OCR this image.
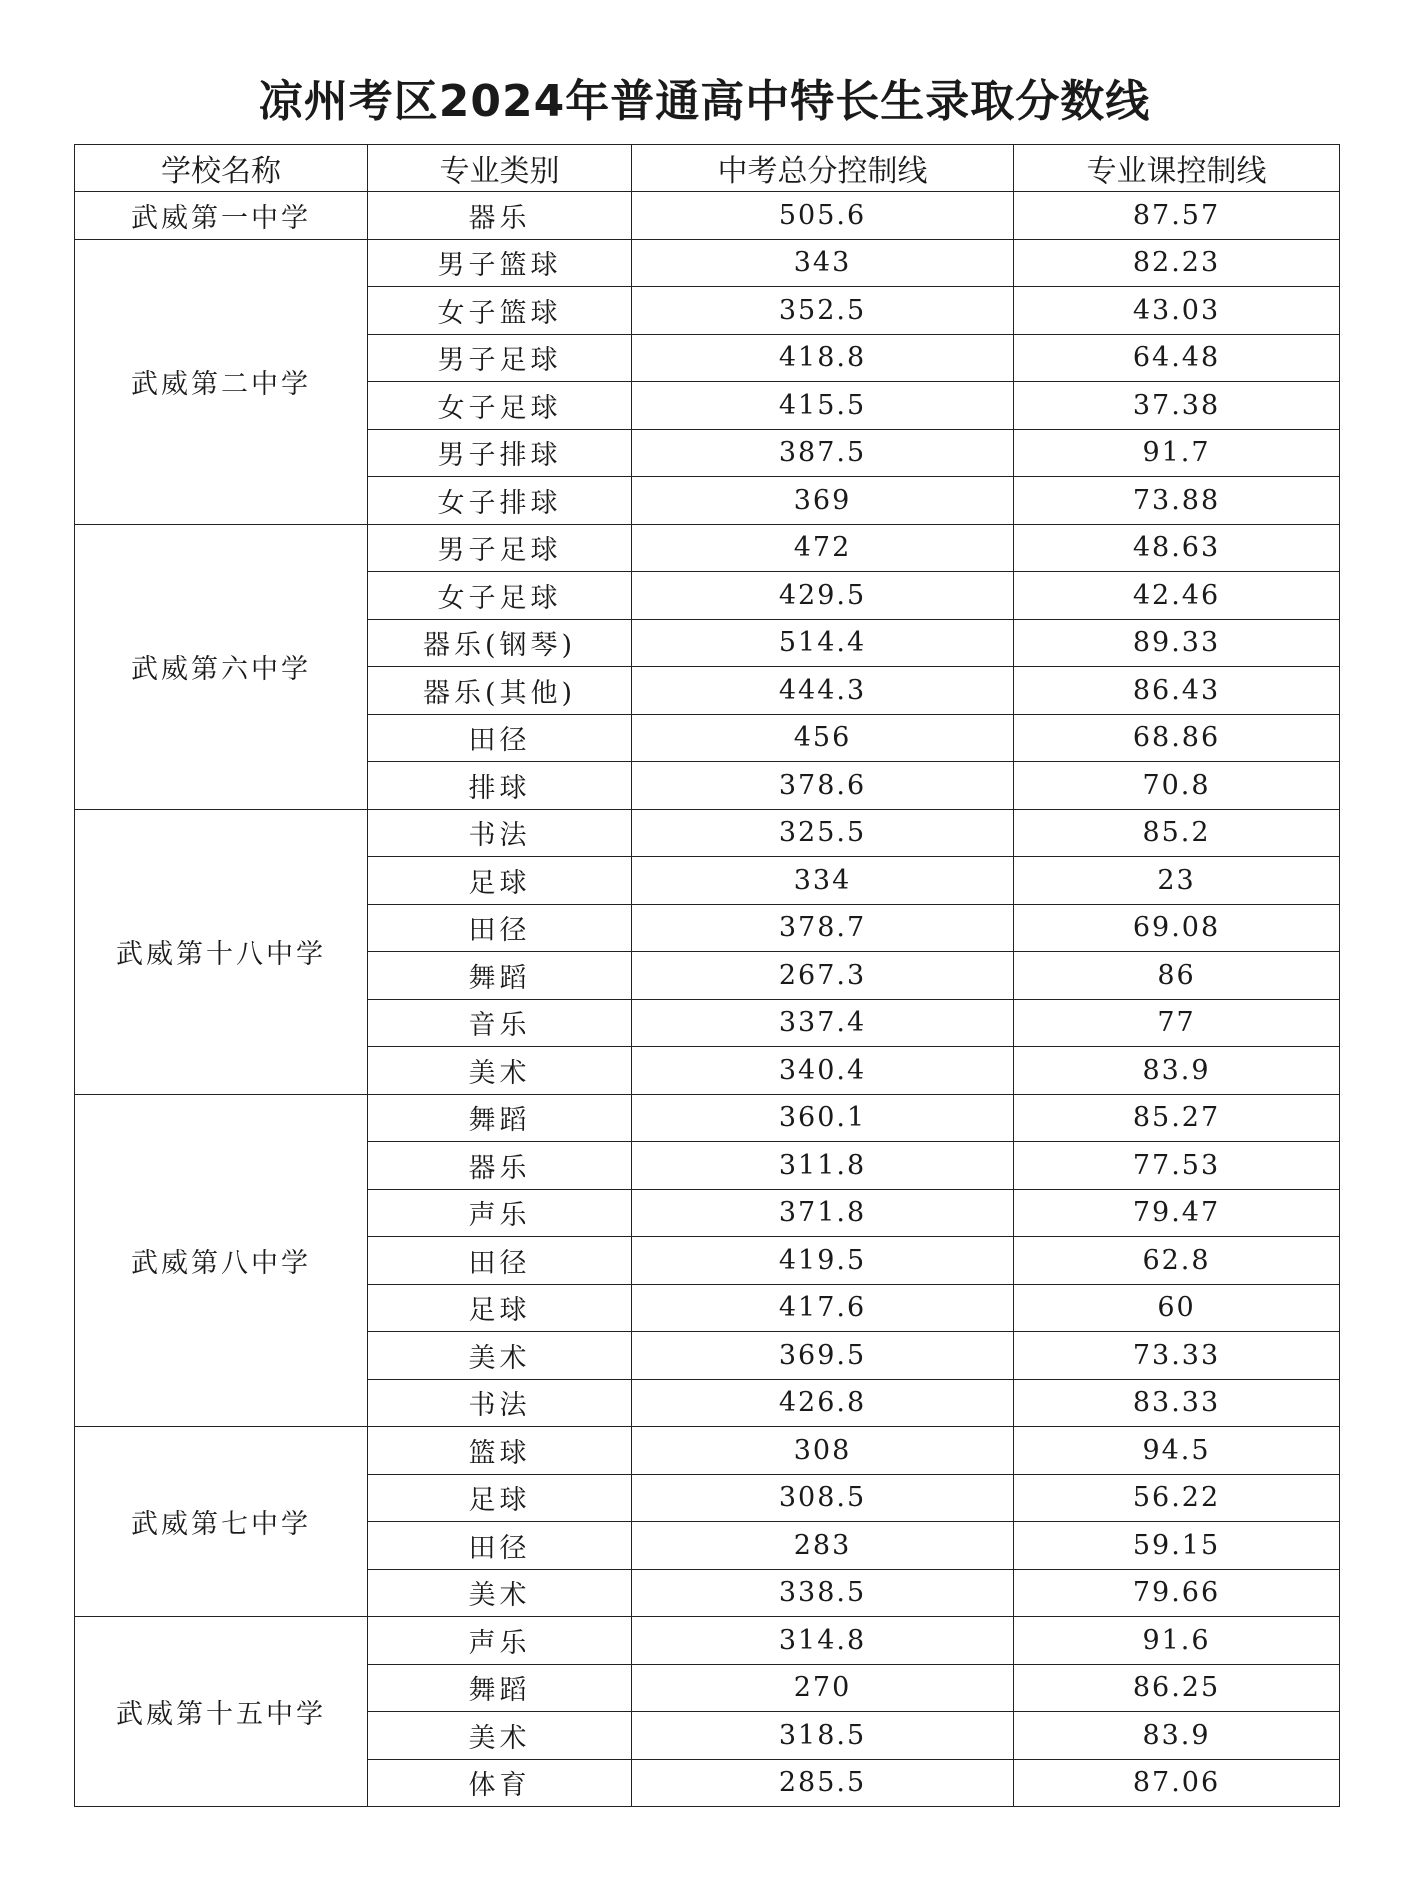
凉州考区2024年普通高中特长生录取分数线
学校名称	专业类别	中考总分控制线	专业课控制线
武威第一中学	器乐	505.6	87.57
武威第二中学	男子篮球	343	82.23
	女子篮球	352.5	43.03
	男子足球	418.8	64.48
	女子足球	415.5	37.38
	男子排球	387.5	91.7
	女子排球	369	73.88
武威第六中学	男子足球	472	48.63
	女子足球	429.5	42.46
	器乐(钢琴)	514.4	89.33
	器乐(其他)	444.3	86.43
	田径	456	68.86
	排球	378.6	70.8
武威第十八中学	书法	325.5	85.2
	足球	334	23
	田径	378.7	69.08
	舞蹈	267.3	86
	音乐	337.4	77
	美术	340.4	83.9
武威第八中学	舞蹈	360.1	85.27
	器乐	311.8	77.53
	声乐	371.8	79.47
	田径	419.5	62.8
	足球	417.6	60
	美术	369.5	73.33
	书法	426.8	83.33
武威第七中学	篮球	308	94.5
	足球	308.5	56.22
	田径	283	59.15
	美术	338.5	79.66
武威第十五中学	声乐	314.8	91.6
	舞蹈	270	86.25
	美术	318.5	83.9
	体育	285.5	87.06
